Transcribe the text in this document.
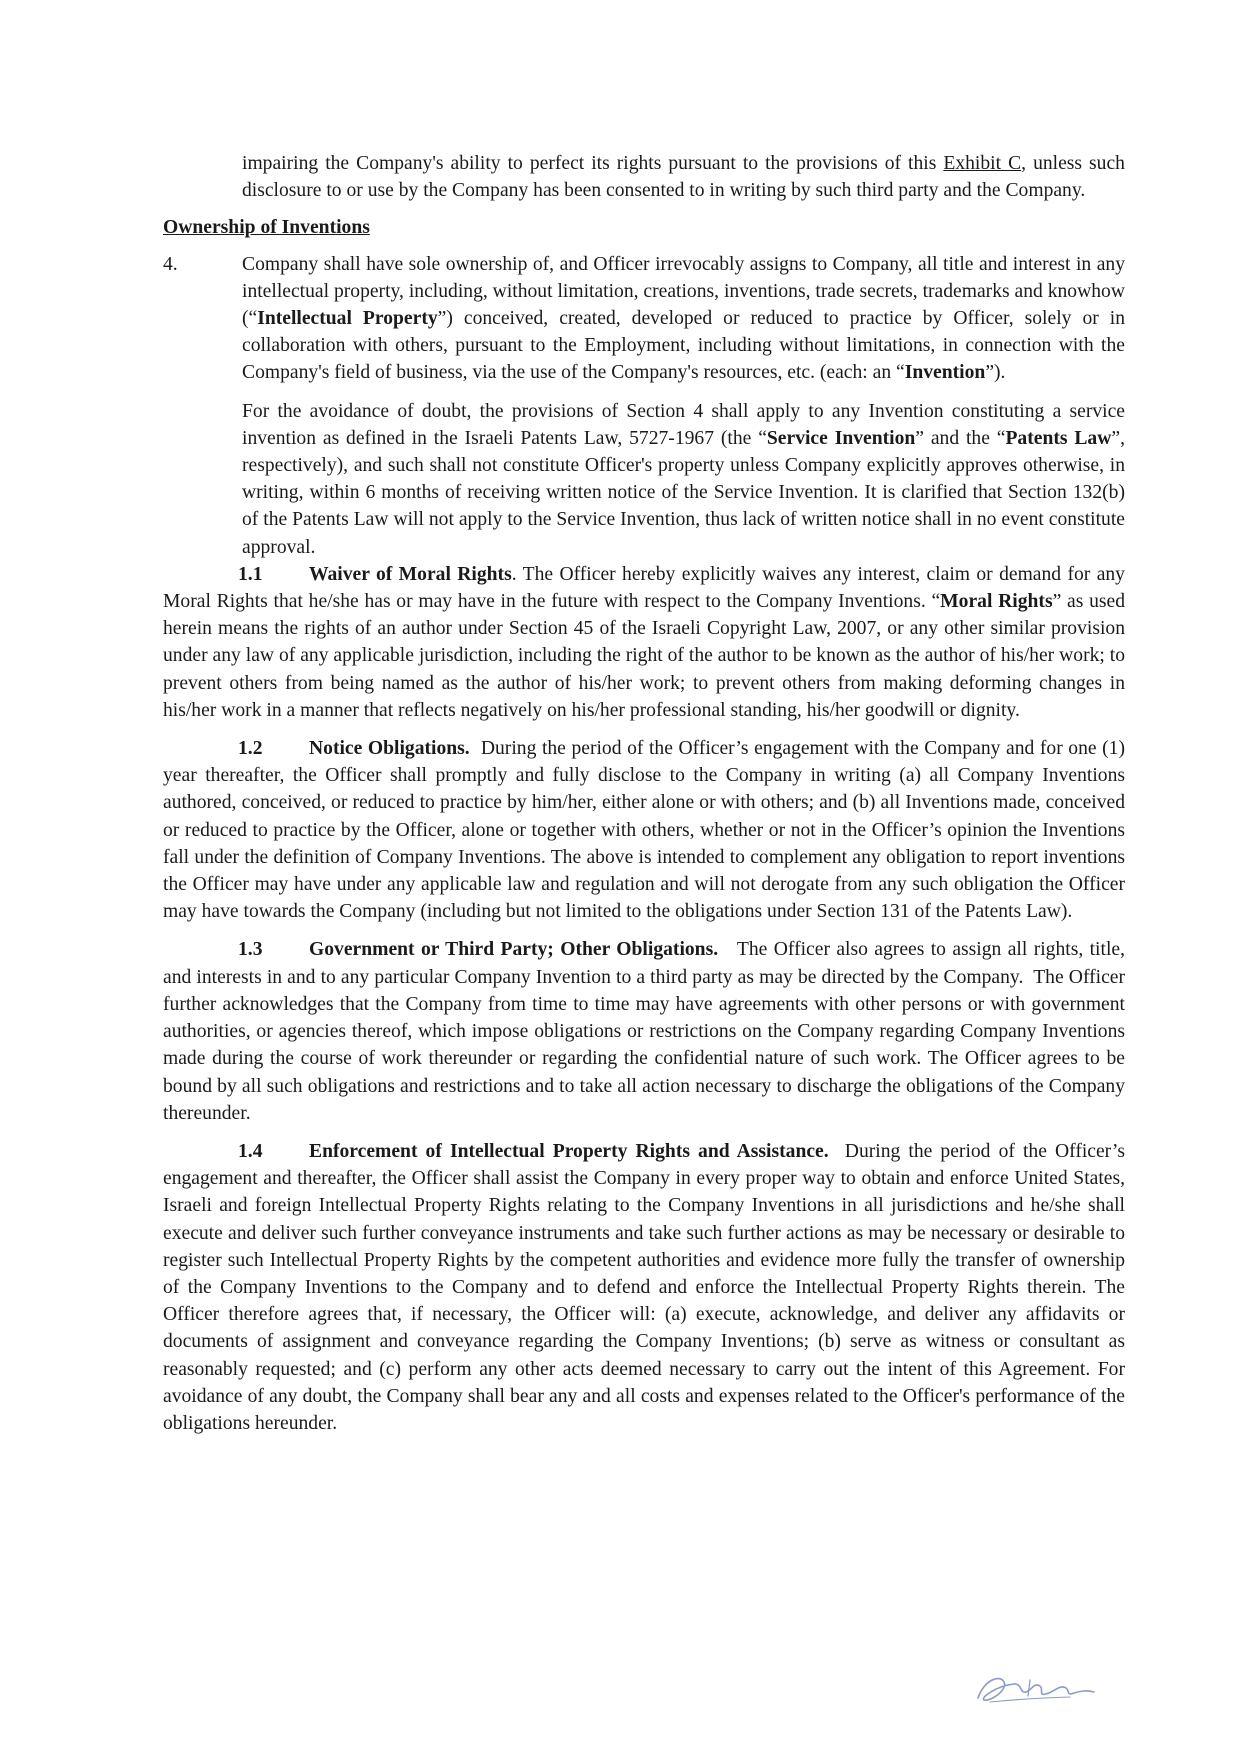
impairing the Company's ability to perfect its rights pursuant to the provisions of this Exhibit C, unless such disclosure to or use by the Company has been consented to in writing by such third party and the Company.

Ownership of Inventions

4.	Company shall have sole ownership of, and Officer irrevocably assigns to Company, all title and interest in any intellectual property, including, without limitation, creations, inventions, trade secrets, trademarks and knowhow (“Intellectual Property”) conceived, created, developed or reduced to practice by Officer, solely or in collaboration with others, pursuant to the Employment, including without limitations, in connection with the Company's field of business, via the use of the Company's resources, etc. (each: an “Invention”).

For the avoidance of doubt, the provisions of Section 4 shall apply to any Invention constituting a service invention as defined in the Israeli Patents Law, 5727-1967 (the “Service Invention” and the “Patents Law”, respectively), and such shall not constitute Officer's property unless Company explicitly approves otherwise, in writing, within 6 months of receiving written notice of the Service Invention. It is clarified that Section 132(b) of the Patents Law will not apply to the Service Invention, thus lack of written notice shall in no event constitute approval.

1.1 Waiver of Moral Rights. The Officer hereby explicitly waives any interest, claim or demand for any Moral Rights that he/she has or may have in the future with respect to the Company Inventions. “Moral Rights” as used herein means the rights of an author under Section 45 of the Israeli Copyright Law, 2007, or any other similar provision under any law of any applicable jurisdiction, including the right of the author to be known as the author of his/her work; to prevent others from being named as the author of his/her work; to prevent others from making deforming changes in his/her work in a manner that reflects negatively on his/her professional standing, his/her goodwill or dignity.

1.2 Notice Obligations.  During the period of the Officer’s engagement with the Company and for one (1) year thereafter, the Officer shall promptly and fully disclose to the Company in writing (a) all Company Inventions authored, conceived, or reduced to practice by him/her, either alone or with others; and (b) all Inventions made, conceived or reduced to practice by the Officer, alone or together with others, whether or not in the Officer’s opinion the Inventions fall under the definition of Company Inventions. The above is intended to complement any obligation to report inventions the Officer may have under any applicable law and regulation and will not derogate from any such obligation the Officer may have towards the Company (including but not limited to the obligations under Section 131 of the Patents Law).

1.3 Government or Third Party; Other Obligations.   The Officer also agrees to assign all rights, title, and interests in and to any particular Company Invention to a third party as may be directed by the Company.  The Officer further acknowledges that the Company from time to time may have agreements with other persons or with government authorities, or agencies thereof, which impose obligations or restrictions on the Company regarding Company Inventions made during the course of work thereunder or regarding the confidential nature of such work. The Officer agrees to be bound by all such obligations and restrictions and to take all action necessary to discharge the obligations of the Company thereunder.

1.4 Enforcement of Intellectual Property Rights and Assistance.  During the period of the Officer’s engagement and thereafter, the Officer shall assist the Company in every proper way to obtain and enforce United States, Israeli and foreign Intellectual Property Rights relating to the Company Inventions in all jurisdictions and he/she shall execute and deliver such further conveyance instruments and take such further actions as may be necessary or desirable to register such Intellectual Property Rights by the competent authorities and evidence more fully the transfer of ownership of the Company Inventions to the Company and to defend and enforce the Intellectual Property Rights therein. The Officer therefore agrees that, if necessary, the Officer will: (a) execute, acknowledge, and deliver any affidavits or documents of assignment and conveyance regarding the Company Inventions; (b) serve as witness or consultant as reasonably requested; and (c) perform any other acts deemed necessary to carry out the intent of this Agreement. For avoidance of any doubt, the Company shall bear any and all costs and expenses related to the Officer's performance of the obligations hereunder.
